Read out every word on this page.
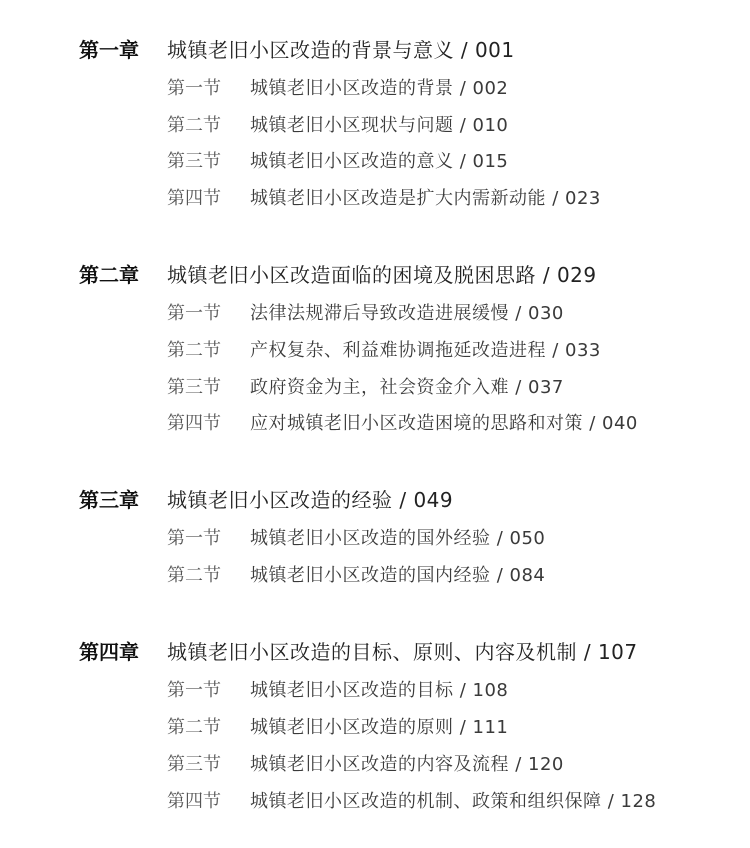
第一章 城镇老旧小区改造的背景与意义 / 001
第一节 城镇老旧小区改造的背景 / 002
第二节 城镇老旧小区现状与问题 / 010
第三节 城镇老旧小区改造的意义 / 015
第四节 城镇老旧小区改造是扩大内需新动能 / 023
第二章 城镇老旧小区改造面临的困境及脱困思路 / 029
第一节 法律法规滞后导致改造进展缓慢 / 030
第二节 产权复杂、利益难协调拖延改造进程 / 033
第三节 政府资金为主，社会资金介入难 / 037
第四节 应对城镇老旧小区改造困境的思路和对策 / 040
第三章 城镇老旧小区改造的经验 / 049
第一节 城镇老旧小区改造的国外经验 / 050
第二节 城镇老旧小区改造的国内经验 / 084
第四章 城镇老旧小区改造的目标、原则、内容及机制 / 107
第一节 城镇老旧小区改造的目标 / 108
第二节 城镇老旧小区改造的原则 / 111
第三节 城镇老旧小区改造的内容及流程 / 120
第四节 城镇老旧小区改造的机制、政策和组织保障 / 128
